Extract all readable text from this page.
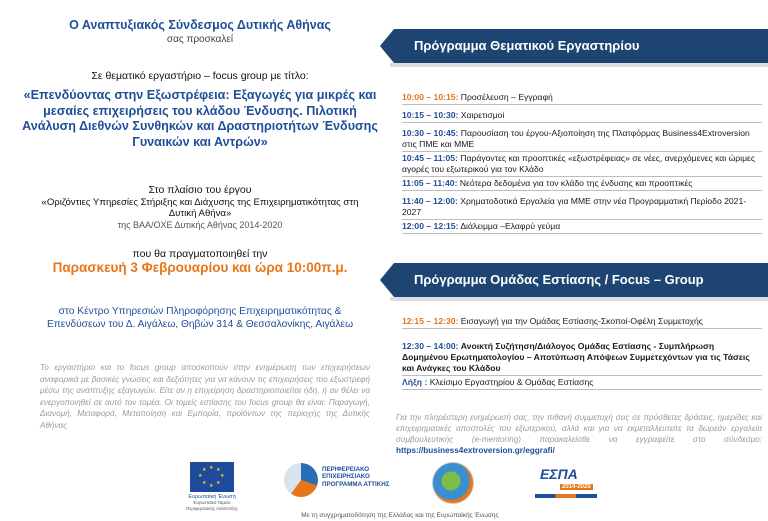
Ο Αναπτυξιακός Σύνδεσμος Δυτικής Αθήνας
σας προσκαλεί
Σε θεματικό εργαστήριο – focus group με τίτλο:
«Επενδύοντας στην Εξωστρέφεια: Εξαγωγές για μικρές και μεσαίες επιχειρήσεις του κλάδου Ένδυσης. Πιλοτική Ανάλυση Διεθνών Συνθηκών και Δραστηριοτήτων Ένδυσης Γυναικών και Αντρών»
Στο πλαίσιο του έργου
«Οριζόντιες Υπηρεσίες Στήριξης και Διάχυσης της Επιχειρηματικότητας στη Δυτική Αθήνα»
της ΒΑΑ/ΟΧΕ Δυτικής Αθήνας 2014-2020
που θα πραγματοποιηθεί την
Παρασκευή 3 Φεβρουαρίου και ώρα 10:00π.μ.
στο Κέντρο Υπηρεσιών Πληροφόρησης Επιχειρηματικότητας & Επενδύσεων του Δ. Αιγάλεω, Θηβών 314 & Θεσσαλονίκης, Αιγάλεω
Το εργαστήριο και το focus group αποσκοπούν στην ενημέρωση των επιχειρήσεων αναφορικά με βασικές γνώσεις και δεξιότητες για να κάνουν τις επιχειρήσεις πιο εξωστρεφή μέσω της ανάπτυξης εξαγωγών. Είτε αν η επιχείρηση δραστηριοποιείται ήδη, ή αν θέλει να ενεργοποιηθεί σε αυτό τον τομέα. Οι τομείς εστίασης του focus group θα είναι: Παραγωγή, Διανομή, Μεταφορά, Μεταποίηση και Εμπορία, προϊόντων της περιοχής της Δυτικής Αθήνας
Πρόγραμμα Θεματικού Εργαστηρίου
10:00 – 10:15: Προσέλευση – Εγγραφή
10:15 – 10:30: Χαιρετισμοί
10:30 – 10:45: Παρουσίαση του έργου-Αξιοποίηση της Πλατφόρμας Business4Extroversion στις ΠΜΕ και ΜΜΕ
10:45 – 11:05: Παράγοντες και προοπτικές «εξωστρέφειας» σε νέες, ανερχόμενες και ώριμες αγορές του εξωτερικού για τον Κλάδο
11:05 – 11:40: Νεότερα δεδομένα για τον κλάδο της ένδυσης και προοπτικές
11:40 – 12:00: Χρηματοδοτικά Εργαλεία για ΜΜΕ στην νέα Προγραμματική Περίοδο 2021-2027
12:00 – 12:15: Διάλειμμα –Ελαφρύ γεύμα
Πρόγραμμα Ομάδας Εστίασης / Focus – Group
12:15 – 12:30: Εισαγωγή για την Ομάδας Εστίασης-Σκοποί-Οφέλη Συμμετοχής
12:30 – 14:00: Ανοικτή Συζήτηση/Διάλογος Ομάδας Εστίασης - Συμπλήρωση Δομημένου Ερωτηματολογίου – Αποτύπωση Απόψεων Συμμετεχόντων για τις Τάσεις και Ανάγκες του Κλάδου
Λήξη : Κλείσιμο Εργαστηρίου & Ομάδας Εστίασης
Για την πληρέστερη ενημέρωσή σας, την πιθανή συμμετοχή σας σε πρόσθετες δράσεις, ημερίδες και επιχειρηματικές αποστολές του εξωτερικού, αλλά και για να εκμεταλλευτείτε τα δωρεάν εργαλεία συμβουλευτικής (e-mentoring) παρακαλείσθε να εγγραφείτε στο σύνδεσμο: https://business4extroversion.gr/eggrafi/
★ ★
★
★
★
★
★
★
Ευρωπαϊκή Ένωση
Ευρωπαϊκό Ταμείο Περιφερειακής Ανάπτυξης
ΠΕΡΙΦΕΡΕΙΑΚΟ ΕΠΙΧΕΙΡΗΣΙΑΚΟ ΠΡΟΓΡΑΜΜΑ ΑΤΤΙΚΗΣ
ΕΣΠΑ
2014-2020
Με τη συγχρηματοδότηση της Ελλάδας και της Ευρωπαϊκής Ένωσης
